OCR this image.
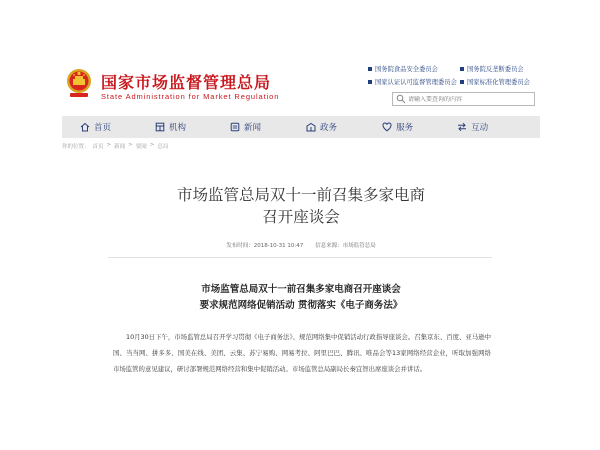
国家市场监督管理总局
State Administration for Market Regulation
国务院食品安全委员会	国务院反垄断委员会
国家认证认可监督管理委员会 国家标准化管理委员会
请输入要查询的内容
首页	机构	新闻	政务	服务	互动
你的位置： 首页 > 新闻 > 要闻 > 总局
市场监管总局双十一前召集多家电商
召开座谈会
发布时间：2018-10-31 10:47 信息来源：市场监管总局
市场监管总局双十一前召集多家电商召开座谈会
要求规范网络促销活动 贯彻落实《电子商务法》

10月30日下午，市场监管总局召开学习贯彻《电子商务法》、规范网络集中促销活动行政指导座谈会。召集京东、百度、亚马逊中国、当当网、拼多多、国美在线、美团、云集、苏宁易购、网易考拉、阿里巴巴、腾讯、唯品会等13家网络经营企业，听取加强网络市场监管的意见建议，研讨部署规范网络经营和集中促销活动。市场监管总局副局长秦宜智出席座谈会并讲话。
